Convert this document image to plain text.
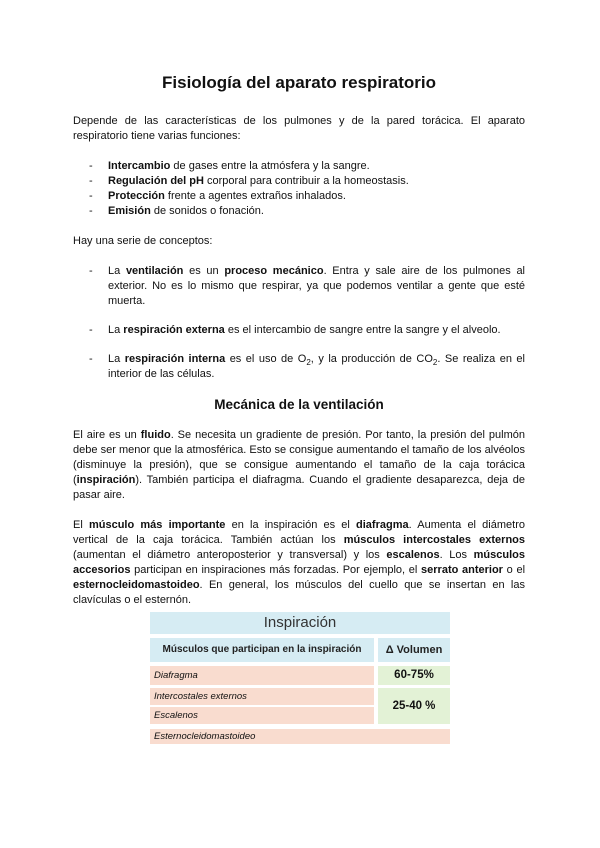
Fisiología del aparato respiratorio

Depende de las características de los pulmones y de la pared torácica. El aparato respiratorio tiene varias funciones:

- Intercambio de gases entre la atmósfera y la sangre.
- Regulación del pH corporal para contribuir a la homeostasis.
- Protección frente a agentes extraños inhalados.
- Emisión de sonidos o fonación.

Hay una serie de conceptos:

- La ventilación es un proceso mecánico. Entra y sale aire de los pulmones al exterior. No es lo mismo que respirar, ya que podemos ventilar a gente que esté muerta.
- La respiración externa es el intercambio de sangre entre la sangre y el alveolo.
- La respiración interna es el uso de $O_2$, y la producción de $CO_2$. Se realiza en el interior de las células.
Mecánica de la ventilación

El aire es un fluido. Se necesita un gradiente de presión. Por tanto, la presión del pulmón debe ser menor que la atmosférica. Esto se consigue aumentando el tamaño de los alvéolos (disminuye la presión), que se consigue aumentando el tamaño de la caja torácica (inspiración). También participa el diafragma. Cuando el gradiente desaparezca, deja de pasar aire.

El músculo más importante en la inspiración es el diafragma. Aumenta el diámetro vertical de la caja torácica. También actúan los músculos intercostales externos (aumentan el diámetro anteroposterior y transversal) y los escalenos. Los músculos accesorios participan en inspiraciones más forzadas. Por ejemplo, el serrato anterior o el esternocleidomastoideo. En general, los músculos del cuello que se insertan en las clavículas o el esternón.

Inspiración
Músculos que participan en la inspiración	Δ Volumen
Diafragma	60-75%
Intercostales externos
Escalenos
25-40 %
Esternocleidomastoideo
